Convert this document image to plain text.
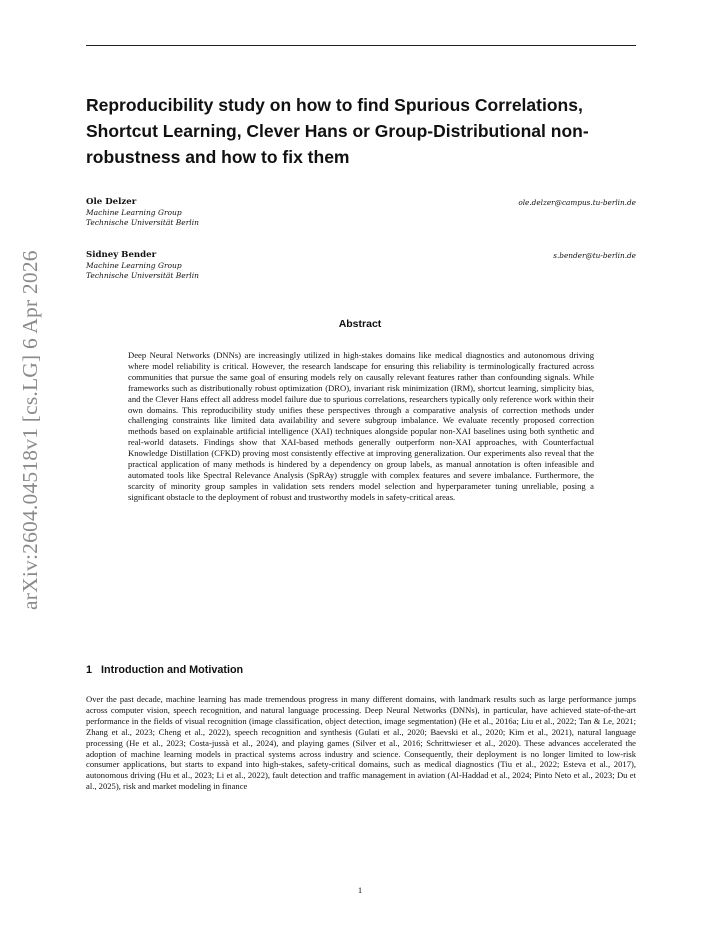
arXiv:2604.04518v1 [cs.LG] 6 Apr 2026
Reproducibility study on how to find Spurious Correlations, Shortcut Learning, Clever Hans or Group-Distributional non-robustness and how to fix them
Ole Delzer
Machine Learning Group
Technische Universität Berlin
ole.delzer@campus.tu-berlin.de
Sidney Bender
Machine Learning Group
Technische Universität Berlin
s.bender@tu-berlin.de
Abstract
Deep Neural Networks (DNNs) are increasingly utilized in high-stakes domains like medical diagnostics and autonomous driving where model reliability is critical. However, the research landscape for ensuring this reliability is terminologically fractured across communities that pursue the same goal of ensuring models rely on causally relevant features rather than confounding signals. While frameworks such as distributionally robust optimization (DRO), invariant risk minimization (IRM), shortcut learning, simplicity bias, and the Clever Hans effect all address model failure due to spurious correlations, researchers typically only reference work within their own domains. This reproducibility study unifies these perspectives through a comparative analysis of correction methods under challenging constraints like limited data availability and severe subgroup imbalance. We evaluate recently proposed correction methods based on explainable artificial intelligence (XAI) techniques alongside popular non-XAI baselines using both synthetic and real-world datasets. Findings show that XAI-based methods generally outperform non-XAI approaches, with Counterfactual Knowledge Distillation (CFKD) proving most consistently effective at improving generalization. Our experiments also reveal that the practical application of many methods is hindered by a dependency on group labels, as manual annotation is often infeasible and automated tools like Spectral Relevance Analysis (SpRAy) struggle with complex features and severe imbalance. Furthermore, the scarcity of minority group samples in validation sets renders model selection and hyperparameter tuning unreliable, posing a significant obstacle to the deployment of robust and trustworthy models in safety-critical areas.
1 Introduction and Motivation
Over the past decade, machine learning has made tremendous progress in many different domains, with landmark results such as large performance jumps across computer vision, speech recognition, and natural language processing. Deep Neural Networks (DNNs), in particular, have achieved state-of-the-art performance in the fields of visual recognition (image classification, object detection, image segmentation) (He et al., 2016a; Liu et al., 2022; Tan & Le, 2021; Zhang et al., 2023; Cheng et al., 2022), speech recognition and synthesis (Gulati et al., 2020; Baevski et al., 2020; Kim et al., 2021), natural language processing (He et al., 2023; Costa-jussà et al., 2024), and playing games (Silver et al., 2016; Schrittwieser et al., 2020). These advances accelerated the adoption of machine learning models in practical systems across industry and science. Consequently, their deployment is no longer limited to low-risk consumer applications, but starts to expand into high-stakes, safety-critical domains, such as medical diagnostics (Tiu et al., 2022; Esteva et al., 2017), autonomous driving (Hu et al., 2023; Li et al., 2022), fault detection and traffic management in aviation (Al-Haddad et al., 2024; Pinto Neto et al., 2023; Du et al., 2025), risk and market modeling in finance
1
